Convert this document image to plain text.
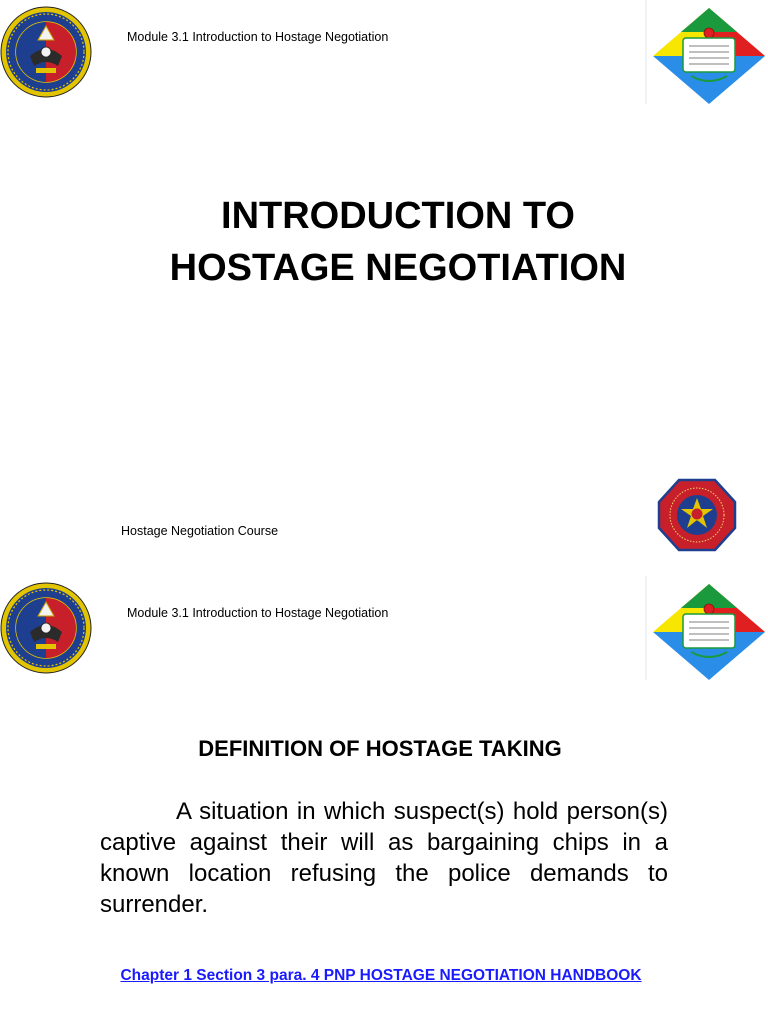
Module 3.1 Introduction to Hostage Negotiation
INTRODUCTION TO
HOSTAGE NEGOTIATION
Hostage Negotiation Course
Module 3.1 Introduction to Hostage Negotiation
DEFINITION OF HOSTAGE TAKING
A situation in which suspect(s) hold person(s) captive against their will as bargaining chips in a known location refusing the police demands to surrender.
Chapter 1 Section 3 para. 4 PNP HOSTAGE NEGOTIATION HANDBOOK
